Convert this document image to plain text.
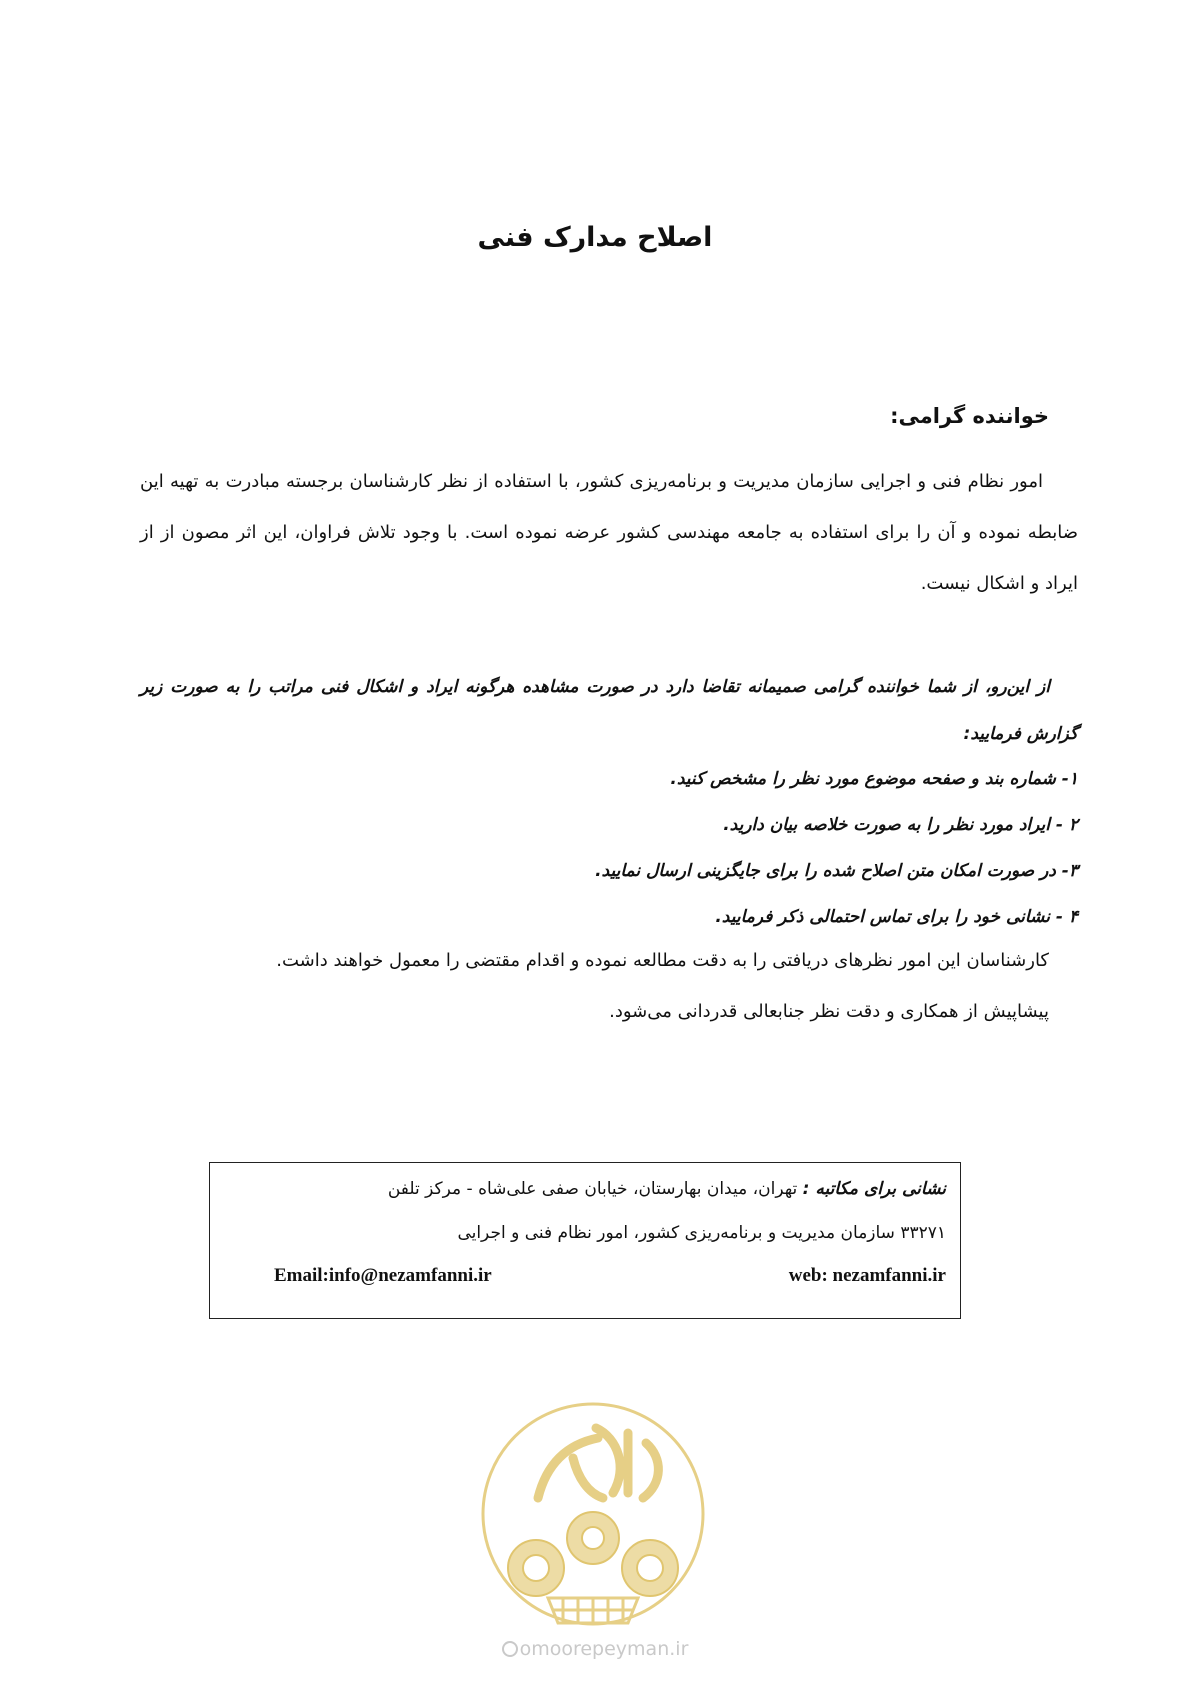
اصلاح مدارک فنی
خواننده گرامی:

امور نظام فنی و اجرایی سازمان مدیریت و برنامه‌ریزی کشور، با استفاده از نظر کارشناسان برجسته مبادرت به تهیه این ضابطه نموده و آن را برای استفاده به جامعه مهندسی کشور عرضه نموده است. با وجود تلاش فراوان، این اثر مصون از از ایراد و اشکال نیست.

از این‌رو، از شما خواننده گرامی صمیمانه تقاضا دارد در صورت مشاهده هرگونه ایراد و اشکال فنی مراتب را به صورت زیر گزارش فرمایید:

۱- شماره بند و صفحه موضوع مورد نظر را مشخص کنید.
۲ - ایراد مورد نظر را به صورت خلاصه بیان دارید.
۳- در صورت امکان متن اصلاح شده را برای جایگزینی ارسال نمایید.
۴ - نشانی خود را برای تماس احتمالی ذکر فرمایید.
کارشناسان این امور نظرهای دریافتی را به دقت مطالعه نموده و اقدام مقتضی را معمول خواهند داشت.
پیشاپیش از همکاری و دقت نظر جنابعالی قدردانی می‌شود.
نشانی برای مکاتبه : تهران، میدان بهارستان، خیابان صفی علی‌شاه - مرکز تلفن
۳۳۲۷۱ سازمان مدیریت و برنامه‌ریزی کشور، امور نظام فنی و اجرایی
web: nezamfanni.ir
Email:info@nezamfanni.ir
omoorepeyman.ir
